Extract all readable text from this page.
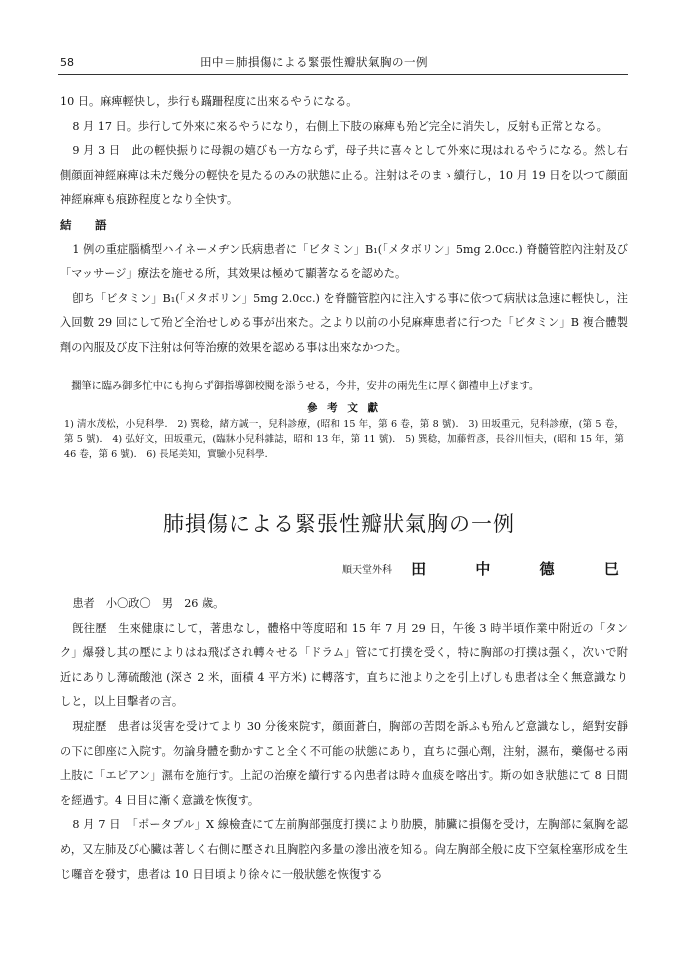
58	田中＝肺損傷による緊張性瓣狀氣胸の一例

10 日。麻痺輕快し，歩行も蹣跚程度に出來るやうになる。

8 月 17 日。歩行して外來に來るやうになり，右側上下肢の麻痺も殆ど完全に消失し，反射も正常となる。

9 月 3 日　此の輕快振りに母親の嬉びも一方ならず，母子共に喜々として外來に現はれるやうになる。然し右側顔面神經麻痺は未だ幾分の輕快を見たるのみの狀態に止る。注射はそのまゝ續行し，10 月 19 日を以つて顔面神經麻痺も痕跡程度となり全快す。

結　語

1 例の重症腦橋型ハイネーメヂン氏病患者に「ビタミン」B₁(「メタボリン」5mg 2.0cc.) 脊髓管腔內注射及び「マッサージ」療法を施せる所，其效果は極めて顯著なるを認めた。

卽ち「ビタミン」B₁(「メタボリン」5mg 2.0cc.) を脊髓管腔內に注入する事に依つて病狀は急速に輕快し，注入回數 29 回にして殆ど全治せしめる事が出來た。之より以前の小兒麻痺患者に行つた「ビタミン」B 複合體製劑の內服及び皮下注射は何等治療的效果を認める事は出來なかつた。

擱筆に臨み御多忙中にも拘らず御指導御校閱を添うせる，今井，安井の兩先生に厚く御禮申上げます。

參 考 文 獻

1) 淸水茂松，小兒科學． 2) 巽稔，緒方誠一，兒科診療，(昭和 15 年，第 6 卷，第 8 號)． 3) 田坂重元，兒科診療，(第 5 卷，第 5 號)． 4) 弘好文，田坂重元，(臨牀小兒科雜誌，昭和 13 年，第 11 號)． 5) 巽稔，加藤哲彥，長谷川恒夫，(昭和 15 年，第 46 卷，第 6 號)． 6) 長尾美知，實驗小兒科學．

肺損傷による緊張性瓣狀氣胸の一例
順天堂外科 田 中 德 巳

患者　小〇政〇　男　26 歲。

旣往歷　生來健康にして，著患なし，體格中等度昭和 15 年 7 月 29 日，午後 3 時半頃作業中附近の「タンク」爆發し其の壓によりはね飛ばされ轉々せる「ドラム」管にて打撲を受く，特に胸部の打撲は强く，次いで附近にありし薄硫酸池 (深さ 2 米，面積 4 平方米) に轉落す，直ちに池より之を引上げしも患者は全く無意識なりしと，以上目擊者の言。

現症歷　患者は災害を受けてより 30 分後來院す，顔面蒼白，胸部の苦悶を訴ふも殆んど意識なし，絕對安靜の下に卽座に入院す。勿論身體を動かすこと全く不可能の狀態にあり，直ちに强心劑，注射，濕布，藥傷せる兩上肢に「エピアン」濕布を施行す。上記の治療を續行する內患者は時々血痰を喀出す。斯の如き狀態にて 8 日間を經過す。4 日目に漸く意識を恢復す。

8 月 7 日　「ポータブル」X 線檢査にて左前胸部强度打撲により肋膜，肺臟に損傷を受け，左胸部に氣胸を認め，又左肺及び心臟は著しく右側に壓され且胸腔內多量の滲出液を知る。尙左胸部全般に皮下空氣栓塞形成を生じ囉音を發す，患者は 10 日目頃より徐々に一般狀態を恢復する
